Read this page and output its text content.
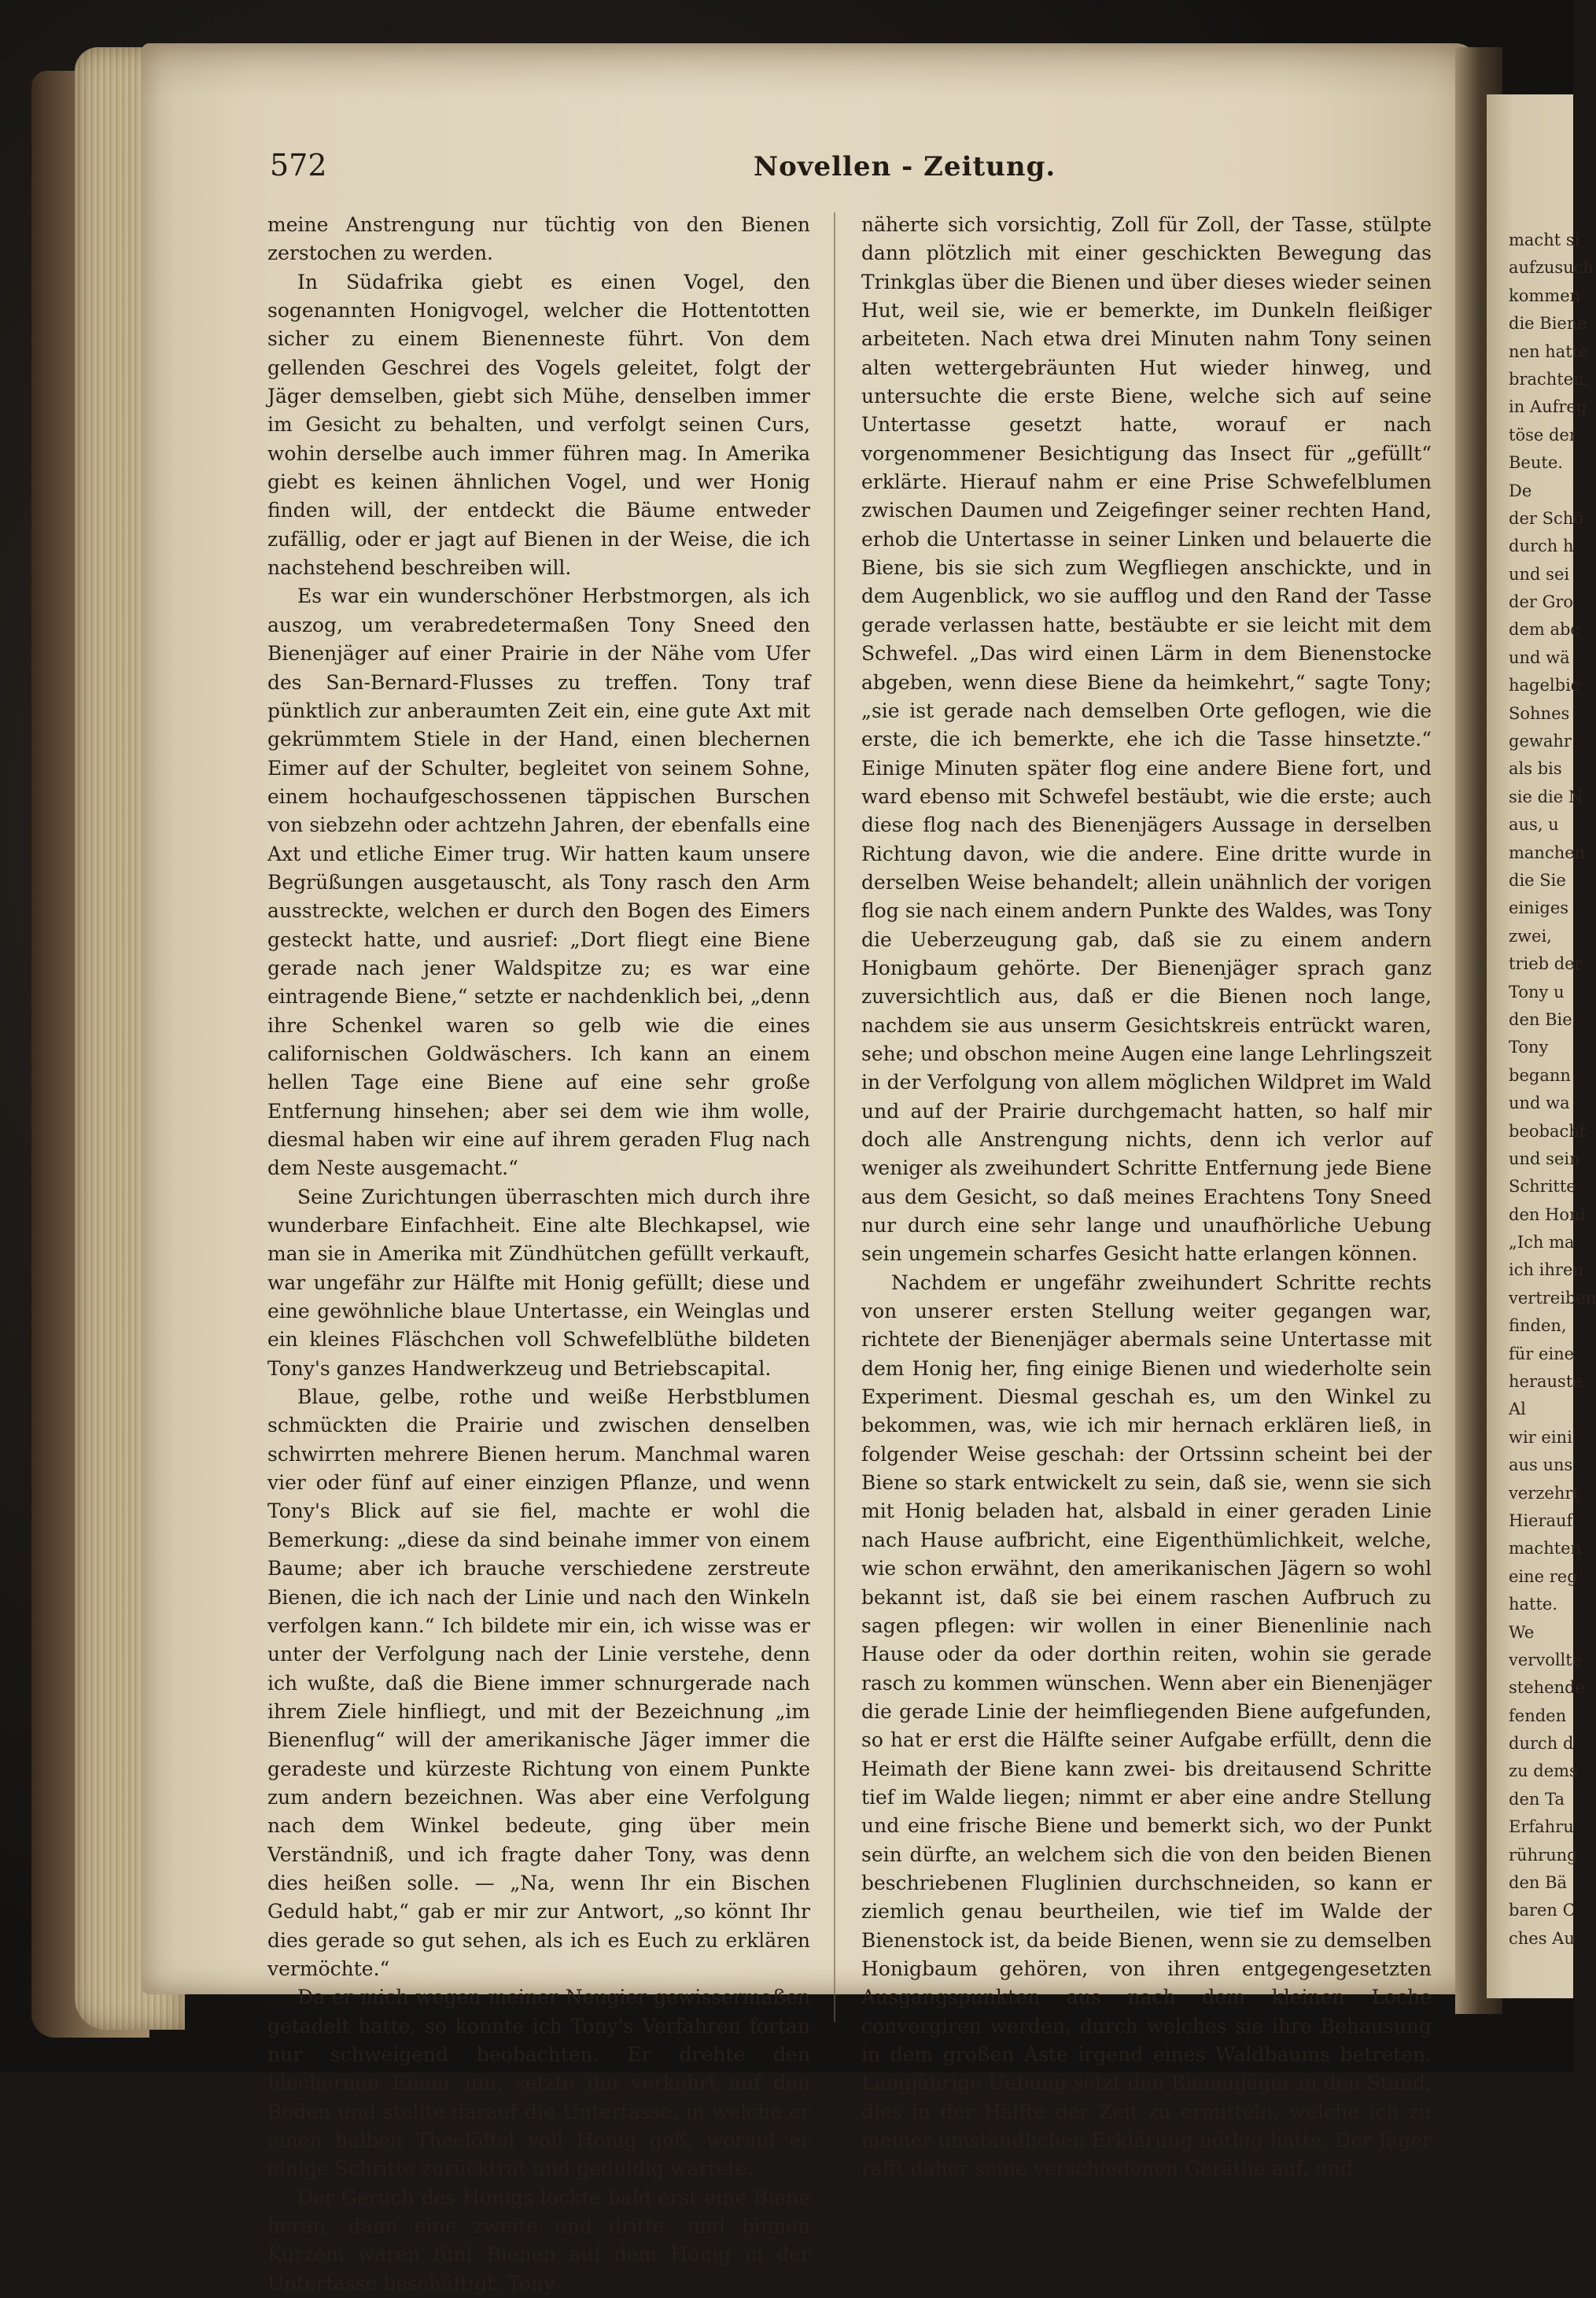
macht si
aufzusuch
kommen
die Biene
nen hatte
brachten,
in Aufreg
töse der
Beute.
De
der Schö
durch h
und sei
der Gro
dem abe
und wä
hagelbic
Sohnes
gewahr
als bis
sie die N
aus, u
manchen
die Sie
einiges
zwei,
trieb der
Tony u
den Bie
Tony
begann
und wa
beobacht
und sein
Schritte
den Honi
„Ich ma
ich ihren
vertreiben
finden,
für eine
herauste
Al
wir eini
aus uns
verzehrt
Hierauf
machten
eine reg
hatte.
We
vervollte
stehende
fenden
durch d
zu dems
den Ta
Erfahru
rührung
den Bä
baren C
ches Au
572	Novellen - Zeitung.

meine Anstrengung nur tüchtig von den Bienen zerstochen zu werden.

In Südafrika giebt es einen Vogel, den sogenannten Honigvogel, welcher die Hottentotten sicher zu einem Bienenneste führt. Von dem gellenden Geschrei des Vogels geleitet, folgt der Jäger demselben, giebt sich Mühe, denselben immer im Gesicht zu behalten, und verfolgt seinen Curs, wohin derselbe auch immer führen mag. In Amerika giebt es keinen ähnlichen Vogel, und wer Honig finden will, der entdeckt die Bäume entweder zufällig, oder er jagt auf Bienen in der Weise, die ich nachstehend beschreiben will.

Es war ein wunderschöner Herbstmorgen, als ich auszog, um verabredetermaßen Tony Sneed den Bienenjäger auf einer Prairie in der Nähe vom Ufer des San-Bernard-Flusses zu treffen. Tony traf pünktlich zur anberaumten Zeit ein, eine gute Axt mit gekrümmtem Stiele in der Hand, einen blechernen Eimer auf der Schulter, begleitet von seinem Sohne, einem hochaufgeschossenen täppischen Burschen von siebzehn oder achtzehn Jahren, der ebenfalls eine Axt und etliche Eimer trug. Wir hatten kaum unsere Begrüßungen ausgetauscht, als Tony rasch den Arm ausstreckte, welchen er durch den Bogen des Eimers gesteckt hatte, und ausrief: „Dort fliegt eine Biene gerade nach jener Waldspitze zu; es war eine eintragende Biene,“ setzte er nachdenklich bei, „denn ihre Schenkel waren so gelb wie die eines californischen Goldwäschers. Ich kann an einem hellen Tage eine Biene auf eine sehr große Entfernung hinsehen; aber sei dem wie ihm wolle, diesmal haben wir eine auf ihrem geraden Flug nach dem Neste ausgemacht.“

Seine Zurichtungen überraschten mich durch ihre wunderbare Einfachheit. Eine alte Blechkapsel, wie man sie in Amerika mit Zündhütchen gefüllt verkauft, war ungefähr zur Hälfte mit Honig gefüllt; diese und eine gewöhnliche blaue Untertasse, ein Weinglas und ein kleines Fläschchen voll Schwefelblüthe bildeten Tony's ganzes Handwerkzeug und Betriebscapital.

Blaue, gelbe, rothe und weiße Herbstblumen schmückten die Prairie und zwischen denselben schwirrten mehrere Bienen herum. Manchmal waren vier oder fünf auf einer einzigen Pflanze, und wenn Tony's Blick auf sie fiel, machte er wohl die Bemerkung: „diese da sind beinahe immer von einem Baume; aber ich brauche verschiedene zerstreute Bienen, die ich nach der Linie und nach den Winkeln verfolgen kann.“ Ich bildete mir ein, ich wisse was er unter der Verfolgung nach der Linie verstehe, denn ich wußte, daß die Biene immer schnurgerade nach ihrem Ziele hinfliegt, und mit der Bezeichnung „im Bienenflug“ will der amerikanische Jäger immer die geradeste und kürzeste Richtung von einem Punkte zum andern bezeichnen. Was aber eine Verfolgung nach dem Winkel bedeute, ging über mein Verständniß, und ich fragte daher Tony, was denn dies heißen solle. — „Na, wenn Ihr ein Bischen Geduld habt,“ gab er mir zur Antwort, „so könnt Ihr dies gerade so gut sehen, als ich es Euch zu erklären vermöchte.“

Da er mich wegen meiner Neugier gewissermaßen getadelt hatte, so konnte ich Tony's Verfahren fortan nur schweigend beobachten. Er drehte den blechernen Eimer um, setzte ihn verkehrt auf den Boden und stellte darauf die Untertasse, in welche er einen halben Theelöffel voll Honig goß, worauf er einige Schritte zurücktrat und geduldig wartete.

Der Geruch des Honigs lockte bald erst eine Biene heran, dann eine zweite und dritte, und binnen Kurzem waren fünf Bienen auf dem Honig in der Untertasse beschäftigt. Tony

näherte sich vorsichtig, Zoll für Zoll, der Tasse, stülpte dann plötzlich mit einer geschickten Bewegung das Trinkglas über die Bienen und über dieses wieder seinen Hut, weil sie, wie er bemerkte, im Dunkeln fleißiger arbeiteten. Nach etwa drei Minuten nahm Tony seinen alten wettergebräunten Hut wieder hinweg, und untersuchte die erste Biene, welche sich auf seine Untertasse gesetzt hatte, worauf er nach vorgenommener Besichtigung das Insect für „gefüllt“ erklärte. Hierauf nahm er eine Prise Schwefelblumen zwischen Daumen und Zeigefinger seiner rechten Hand, erhob die Untertasse in seiner Linken und belauerte die Biene, bis sie sich zum Wegfliegen anschickte, und in dem Augenblick, wo sie aufflog und den Rand der Tasse gerade verlassen hatte, bestäubte er sie leicht mit dem Schwefel. „Das wird einen Lärm in dem Bienenstocke abgeben, wenn diese Biene da heimkehrt,“ sagte Tony; „sie ist gerade nach demselben Orte geflogen, wie die erste, die ich bemerkte, ehe ich die Tasse hinsetzte.“ Einige Minuten später flog eine andere Biene fort, und ward ebenso mit Schwefel bestäubt, wie die erste; auch diese flog nach des Bienenjägers Aussage in derselben Richtung davon, wie die andere. Eine dritte wurde in derselben Weise behandelt; allein unähnlich der vorigen flog sie nach einem andern Punkte des Waldes, was Tony die Ueberzeugung gab, daß sie zu einem andern Honigbaum gehörte. Der Bienenjäger sprach ganz zuversichtlich aus, daß er die Bienen noch lange, nachdem sie aus unserm Gesichtskreis entrückt waren, sehe; und obschon meine Augen eine lange Lehrlingszeit in der Verfolgung von allem möglichen Wildpret im Wald und auf der Prairie durchgemacht hatten, so half mir doch alle Anstrengung nichts, denn ich verlor auf weniger als zweihundert Schritte Entfernung jede Biene aus dem Gesicht, so daß meines Erachtens Tony Sneed nur durch eine sehr lange und unaufhörliche Uebung sein ungemein scharfes Gesicht hatte erlangen können.

Nachdem er ungefähr zweihundert Schritte rechts von unserer ersten Stellung weiter gegangen war, richtete der Bienenjäger abermals seine Untertasse mit dem Honig her, fing einige Bienen und wiederholte sein Experiment. Diesmal geschah es, um den Winkel zu bekommen, was, wie ich mir hernach erklären ließ, in folgender Weise geschah: der Ortssinn scheint bei der Biene so stark entwickelt zu sein, daß sie, wenn sie sich mit Honig beladen hat, alsbald in einer geraden Linie nach Hause aufbricht, eine Eigenthümlichkeit, welche, wie schon erwähnt, den amerikanischen Jägern so wohl bekannt ist, daß sie bei einem raschen Aufbruch zu sagen pflegen: wir wollen in einer Bienenlinie nach Hause oder da oder dorthin reiten, wohin sie gerade rasch zu kommen wünschen. Wenn aber ein Bienenjäger die gerade Linie der heimfliegenden Biene aufgefunden, so hat er erst die Hälfte seiner Aufgabe erfüllt, denn die Heimath der Biene kann zwei- bis dreitausend Schritte tief im Walde liegen; nimmt er aber eine andre Stellung und eine frische Biene und bemerkt sich, wo der Punkt sein dürfte, an welchem sich die von den beiden Bienen beschriebenen Fluglinien durchschneiden, so kann er ziemlich genau beurtheilen, wie tief im Walde der Bienenstock ist, da beide Bienen, wenn sie zu demselben Honigbaum gehören, von ihren entgegengesetzten Ausgangspunkten aus nach dem kleinen Loche convergiren werden, durch welches sie ihre Behausung in dem großen Aste irgend eines Waldbaums betreten. Langjährige Uebung setzt den Bienenjäger in den Stand, dies in der Hälfte der Zeit zu ermitteln, welche ich zu meiner umständlichen Erklärung nöthig hatte. Der Jäger rafft daher seine verschiedenen Geräthe auf, und
